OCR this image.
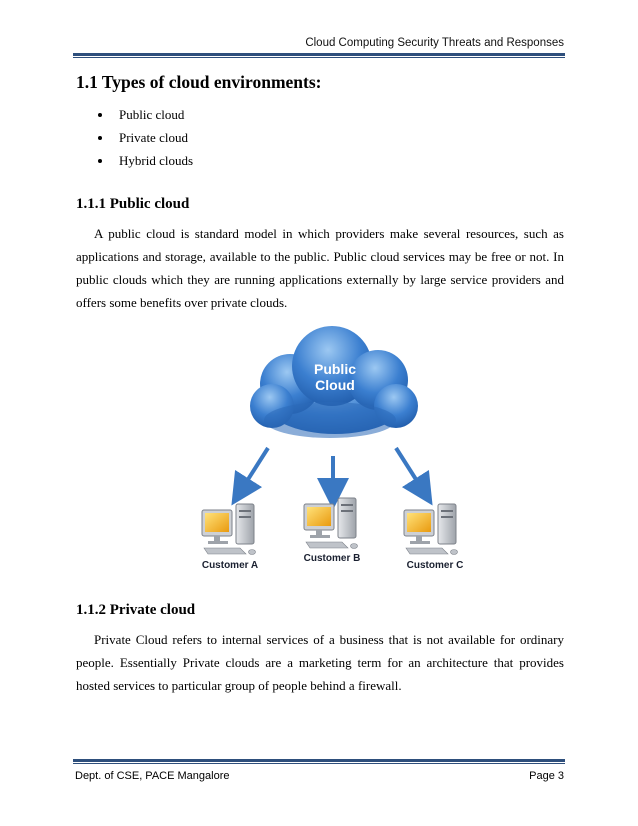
Cloud Computing Security Threats and Responses
1.1 Types of cloud environments:
• Public cloud
• Private cloud
• Hybrid clouds
1.1.1 Public cloud

A public cloud is standard model in which providers make several resources, such as applications and storage, available to the public. Public cloud services may be free or not. In public clouds which they are running applications externally by large service providers and offers some benefits over private clouds.

Public
Cloud
Customer A
Customer B
Customer C
1.1.2 Private cloud

Private Cloud refers to internal services of a business that is not available for ordinary people. Essentially Private clouds are a marketing term for an architecture that provides hosted services to particular group of people behind a firewall.

Dept. of CSE, PACE Mangalore	Page 3
